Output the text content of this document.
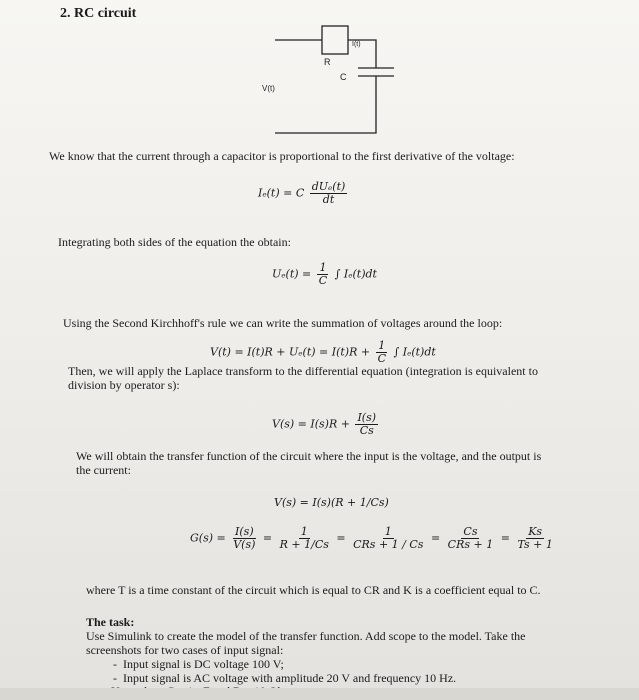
2. RC circuit
I(t)
R
C
V(t)
We know that the current through a capacitor is proportional to the first derivative of the voltage:
Iₑ(t) = C $\frac{\text{dUₑ(t)}}{dt}$
Integrating both sides of the equation the obtain:
$U_e(t) = \frac{1}{C}$ ∫ Iₑ(t)dt
Using the Second Kirchhoff's rule we can write the summation of voltages around the loop:
$V(t) = I(t)R + U_e(t) = I(t)R + \frac{1}{C}$ ∫ Iₑ(t)dt
Then, we will apply the Laplace transform to the differential equation (integration is equivalent to
division by operator s):
$V(s) = I(s)R + \frac{I(s)}{Cs}$
We will obtain the transfer function of the circuit where the input is the voltage, and the output is
the current:
V(s) = I(s)(R + 1/Cs)
$G(s) = \frac{I(s)}{V(s)} = \frac{1}{R + 1/Cs} = \frac{1}{\text{CRs + 1 / Cs}} = \frac{Cs}{\text{CRs + 1}} = \frac{Ks}{Ts + 1}$
where T is a time constant of the circuit which is equal to CR and K is a coefficient equal to C.
The task:
Use Simulink to create the model of the transfer function. Add scope to the model. Take the
screenshots for two cases of input signal:
-  Input signal is DC voltage 100 V;
-  Input signal is AC voltage with amplitude 20 V and frequency 10 Hz.
